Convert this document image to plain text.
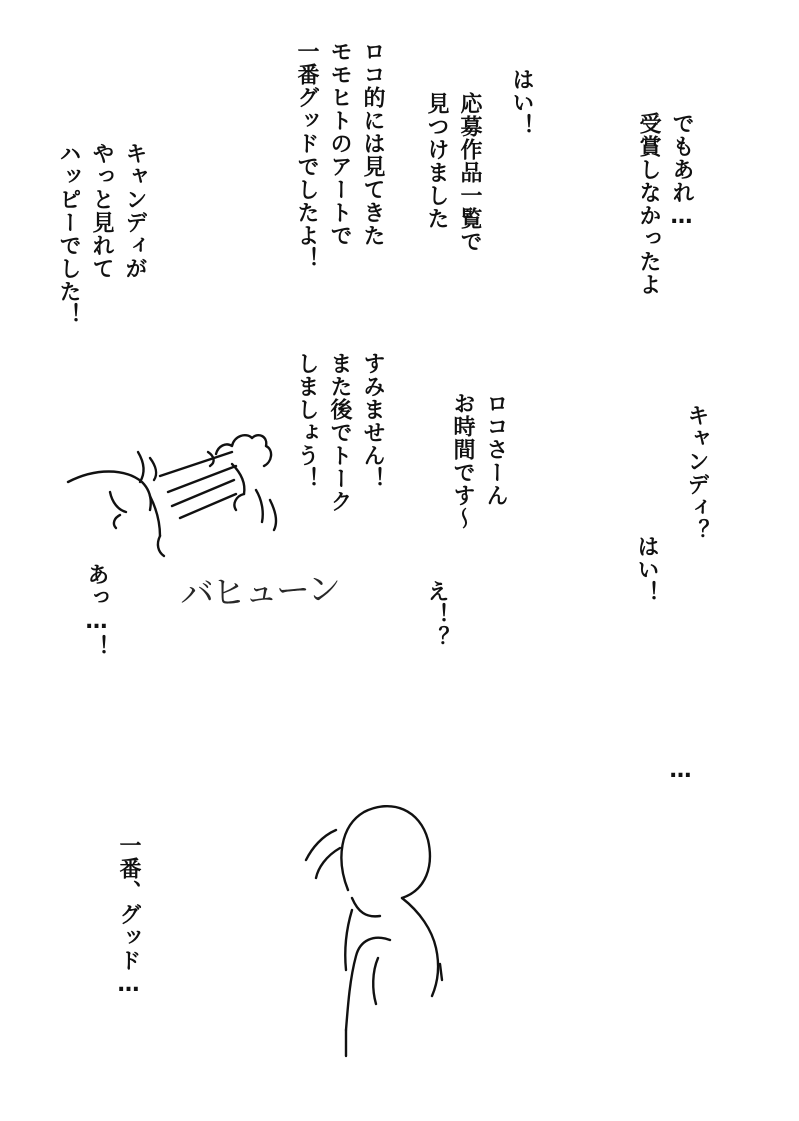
でもあれ…
受賞しなかったよ
はい！
応募作品一覧で
見つけました
ロコ的には見てきた
モモヒトのアートで
一番グッドでしたよ！
キャンディが
やっと見れて
ハッピーでした！
キャンディ？
はい！
ロコさーん
お時間です～
え！？
すみません！
また後でトーク
しましょう！
あっ…！
…
一番、グッド…
バヒューン
